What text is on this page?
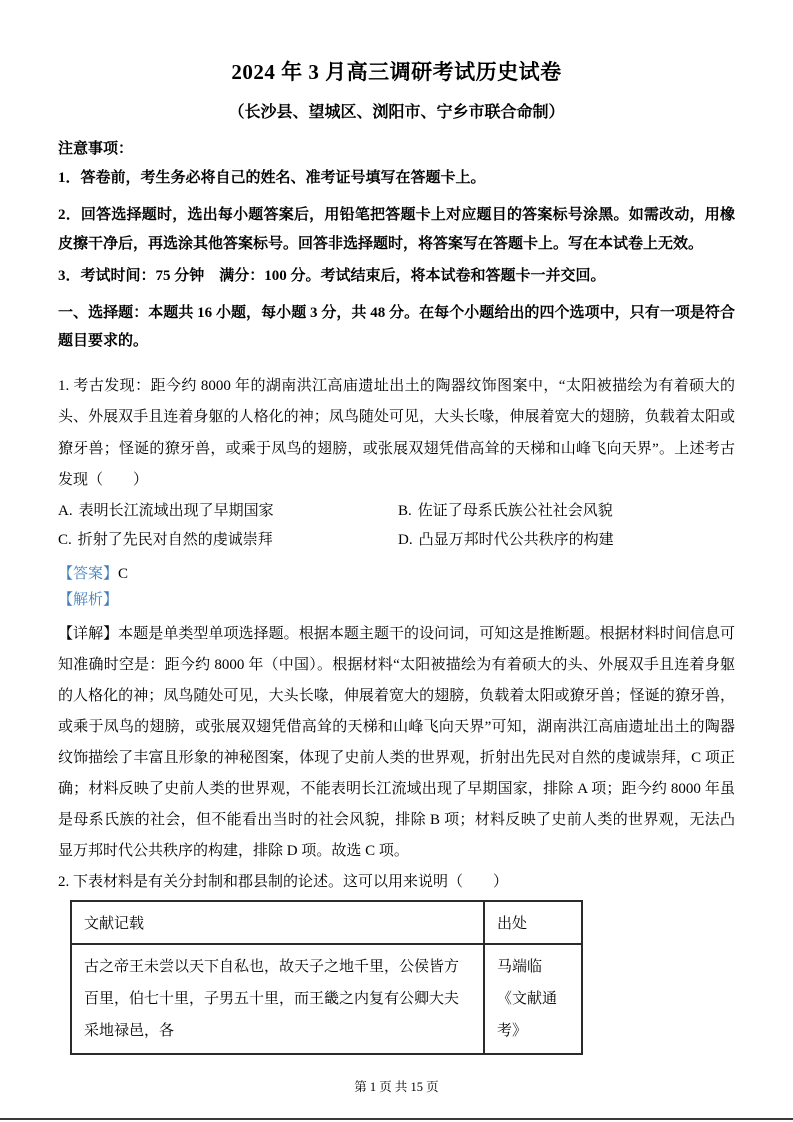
2024 年 3 月高三调研考试历史试卷
（长沙县、望城区、浏阳市、宁乡市联合命制）
注意事项：

1．答卷前，考生务必将自己的姓名、准考证号填写在答题卡上。

2．回答选择题时，选出每小题答案后，用铅笔把答题卡上对应题目的答案标号涂黑。如需改动，用橡皮擦干净后，再选涂其他答案标号。回答非选择题时，将答案写在答题卡上。写在本试卷上无效。

3．考试时间：75 分钟　满分：100 分。考试结束后，将本试卷和答题卡一并交回。

一、选择题：本题共 16 小题，每小题 3 分，共 48 分。在每个小题给出的四个选项中，只有一项是符合题目要求的。

1. 考古发现：距今约 8000 年的湖南洪江高庙遗址出土的陶器纹饰图案中，“太阳被描绘为有着硕大的头、外展双手且连着身躯的人格化的神；凤鸟随处可见，大头长喙，伸展着宽大的翅膀，负载着太阳或獠牙兽；怪诞的獠牙兽，或乘于凤鸟的翅膀，或张展双翅凭借高耸的天梯和山峰飞向天界”。上述考古发现（　　）

A. 表明长江流域出现了早期国家	B. 佐证了母系氏族公社社会风貌
C. 折射了先民对自然的虔诚崇拜	D. 凸显万邦时代公共秩序的构建

【答案】C

【解析】

【详解】本题是单类型单项选择题。根据本题主题干的设问词，可知这是推断题。根据材料时间信息可知准确时空是：距今约 8000 年（中国）。根据材料“太阳被描绘为有着硕大的头、外展双手且连着身躯的人格化的神；凤鸟随处可见，大头长喙，伸展着宽大的翅膀，负载着太阳或獠牙兽；怪诞的獠牙兽，或乘于凤鸟的翅膀，或张展双翅凭借高耸的天梯和山峰飞向天界”可知，湖南洪江高庙遗址出土的陶器纹饰描绘了丰富且形象的神秘图案，体现了史前人类的世界观，折射出先民对自然的虔诚崇拜，C 项正确；材料反映了史前人类的世界观，不能表明长江流域出现了早期国家，排除 A 项；距今约 8000 年虽是母系氏族的社会，但不能看出当时的社会风貌，排除 B 项；材料反映了史前人类的世界观，无法凸显万邦时代公共秩序的构建，排除 D 项。故选 C 项。

2. 下表材料是有关分封制和郡县制的论述。这可以用来说明（　　）

文献记载	出处
古之帝王未尝以天下自私也，故天子之地千里，公侯皆方百里，伯七十里，子男五十里，而王畿之内复有公卿大夫采地禄邑，各	马端临《文献通考》
第 1 页 共 15 页
